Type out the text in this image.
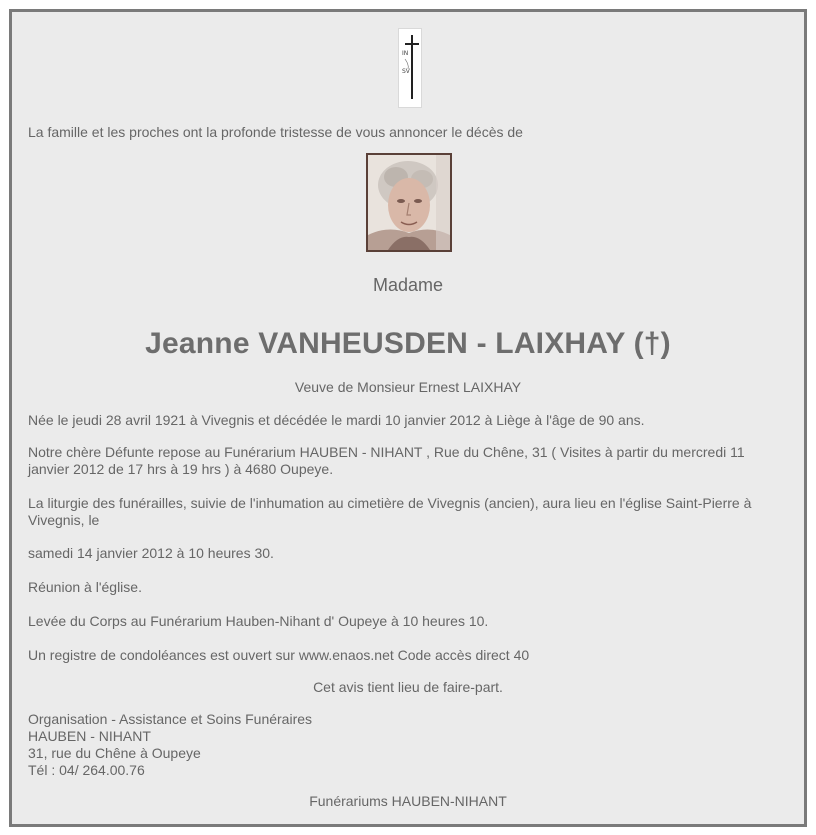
IN
SV
La famille et les proches ont la profonde tristesse de vous annoncer le décès de
Madame
Jeanne VANHEUSDEN - LAIXHAY (†)
Veuve de Monsieur Ernest LAIXHAY
Née le jeudi 28 avril 1921 à Vivegnis et décédée le mardi 10 janvier 2012 à Liège à l'âge de 90 ans.
Notre chère Défunte repose au Funérarium HAUBEN - NIHANT , Rue du Chêne, 31 ( Visites à partir du mercredi 11 janvier 2012 de 17 hrs à 19 hrs ) à 4680 Oupeye.
La liturgie des funérailles, suivie de l'inhumation au cimetière de Vivegnis (ancien), aura lieu en l'église Saint-Pierre à Vivegnis, le
samedi 14 janvier 2012 à 10 heures 30.
Réunion à l'église.
Levée du Corps au Funérarium Hauben-Nihant d' Oupeye à 10 heures 10.
Un registre de condoléances est ouvert sur www.enaos.net Code accès direct 40
Cet avis tient lieu de faire-part.
Organisation - Assistance et Soins Funéraires
HAUBEN - NIHANT
31, rue du Chêne à Oupeye
Tél : 04/ 264.00.76
Funérariums HAUBEN-NIHANT
